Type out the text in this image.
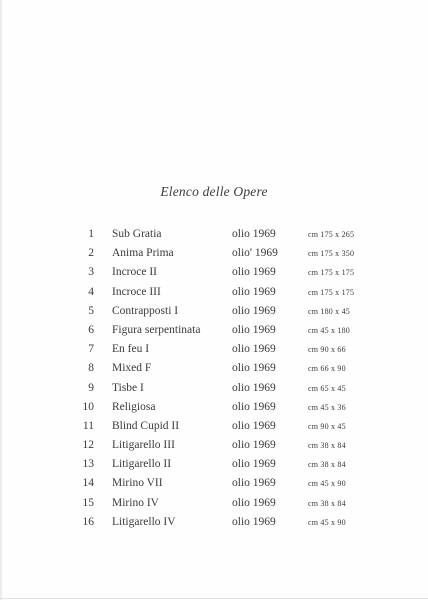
Elenco delle Opere
1 Sub Gratia	olio 1969	cm 175 x 265
2 Anima Prima	olio' 1969	cm 175 x 350
3 Incroce II	olio 1969	cm 175 x 175
4 Incroce III	olio 1969	cm 175 x 175
5 Contrapposti I	olio 1969	cm 180 x 45
6 Figura serpentinata	olio 1969	cm 45 x 180
7 En feu I	olio 1969	cm 90 x 66
8 Mixed F	olio 1969	cm 66 x 90
9 Tisbe I	olio 1969	cm 65 x 45
10 Religiosa	olio 1969	cm 45 x 36
11 Blind Cupid II	olio 1969	cm 90 x 45
12 Litigarello III	olio 1969	cm 38 x 84
13 Litigarello II	olio 1969	cm 38 x 84
14 Mirino VII	olio 1969	cm 45 x 90
15 Mirino IV	olio 1969	cm 38 x 84
16 Litigarello IV	olio 1969	cm 45 x 90
